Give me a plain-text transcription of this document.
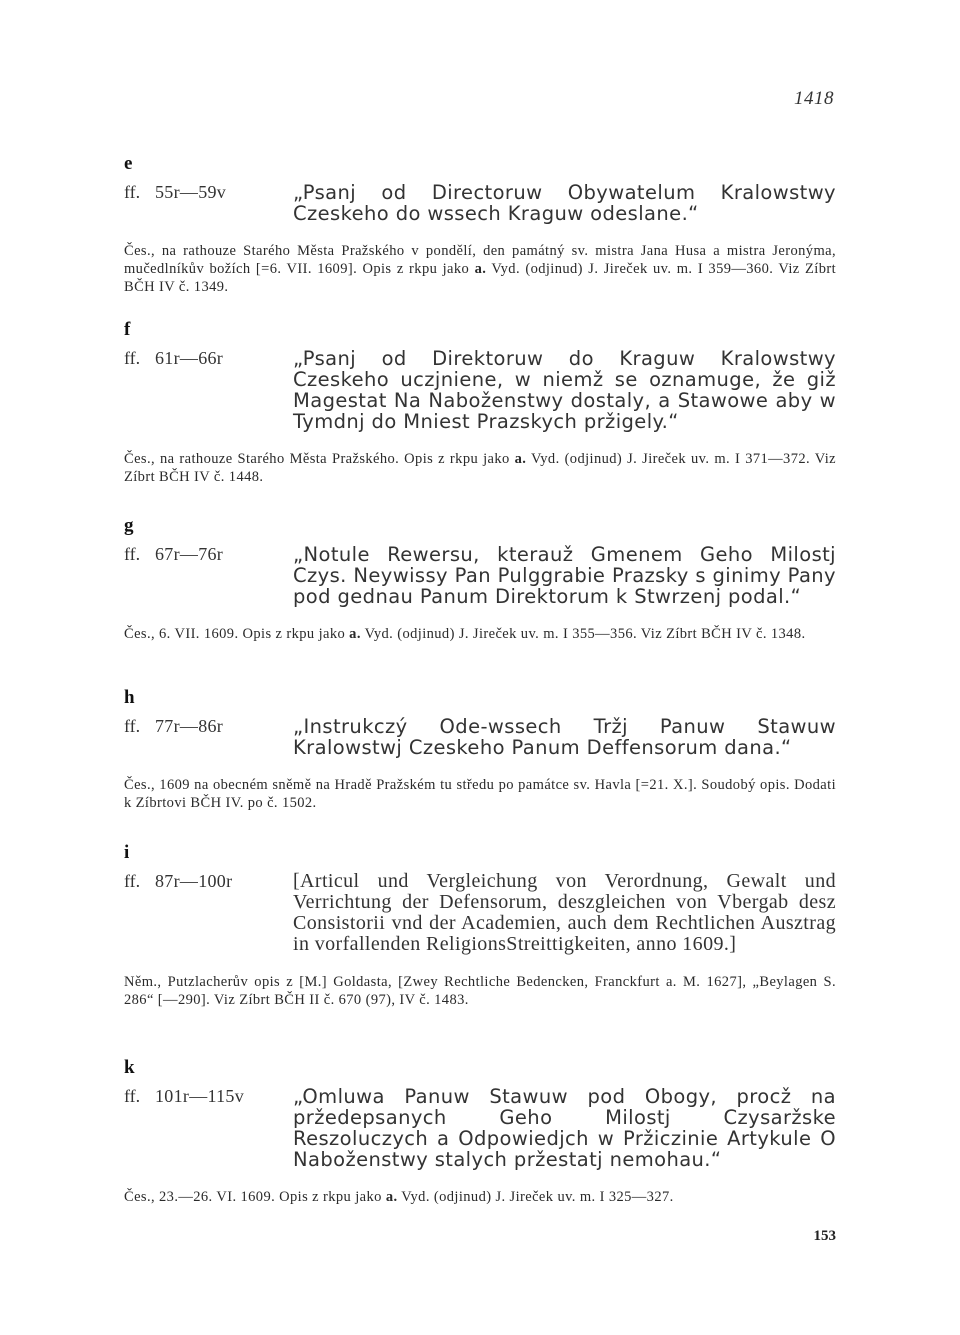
1418
e
ff. 55r—59v	„Psanj od Directoruw Obywatelum Kralowstwy Czeskeho do wssech Kraguw odeslane.“
Čes., na rathouze Starého Města Pražského v pondělí, den památný sv. mistra Jana Husa a mistra Jeronýma, mučedlníkův božích [=6. VII. 1609]. Opis z rkpu jako a. Vyd. (odjinud) J. Jireček uv. m. I 359—360. Viz Zíbrt BČH IV č. 1349.
f
ff. 61r—66r	„Psanj od Direktoruw do Kraguw Kralowstwy Czeskeho uczjniene, w niemž se oznamuge, že giž Magestat Na Naboženstwy dostaly, a Stawowe aby w Tymdnj do Mniest Prazskych pržigely.“
Čes., na rathouze Starého Města Pražského. Opis z rkpu jako a. Vyd. (odjinud) J. Jireček uv. m. I 371—372. Viz Zíbrt BČH IV č. 1448.
g
ff. 67r—76r	„Notule Rewersu, kterauž Gmenem Geho Milostj Czys. Neywissy Pan Pulggrabie Prazsky s ginimy Pany pod gednau Panum Direktorum k Stwrzenj podal.“
Čes., 6. VII. 1609. Opis z rkpu jako a. Vyd. (odjinud) J. Jireček uv. m. I 355—356. Viz Zíbrt BČH IV č. 1348.
h
ff. 77r—86r	„Instrukczý Ode-wssech Tržj Panuw Stawuw Kralowstwj Czeskeho Panum Deffensorum dana.“
Čes., 1609 na obecném sněmě na Hradě Pražském tu středu po památce sv. Havla [=21. X.]. Soudobý opis. Dodati k Zíbrtovi BČH IV. po č. 1502.
i
ff. 87r—100r	[Articul und Vergleichung von Verordnung, Gewalt und Verrichtung der Defensorum, deszgleichen von Vbergab desz Consistorii vnd der Academien, auch dem Rechtlichen Ausztrag in vorfallenden ReligionsStreittigkeiten, anno 1609.]
Něm., Putzlacherův opis z [M.] Goldasta, [Zwey Rechtliche Bedencken, Franckfurt a. M. 1627], „Beylagen S. 286“ [—290]. Viz Zíbrt BČH II č. 670 (97), IV č. 1483.
k
ff. 101r—115v	„Omluwa Panuw Stawuw pod Obogy, procž na pržedepsanych Geho Milostj Czysaržske Reszoluczych a Odpowiedjch w Pržiczinie Artykule O Naboženstwy stalych pržestatj nemohau.“
Čes., 23.—26. VI. 1609. Opis z rkpu jako a. Vyd. (odjinud) J. Jireček uv. m. I 325—327.
153
